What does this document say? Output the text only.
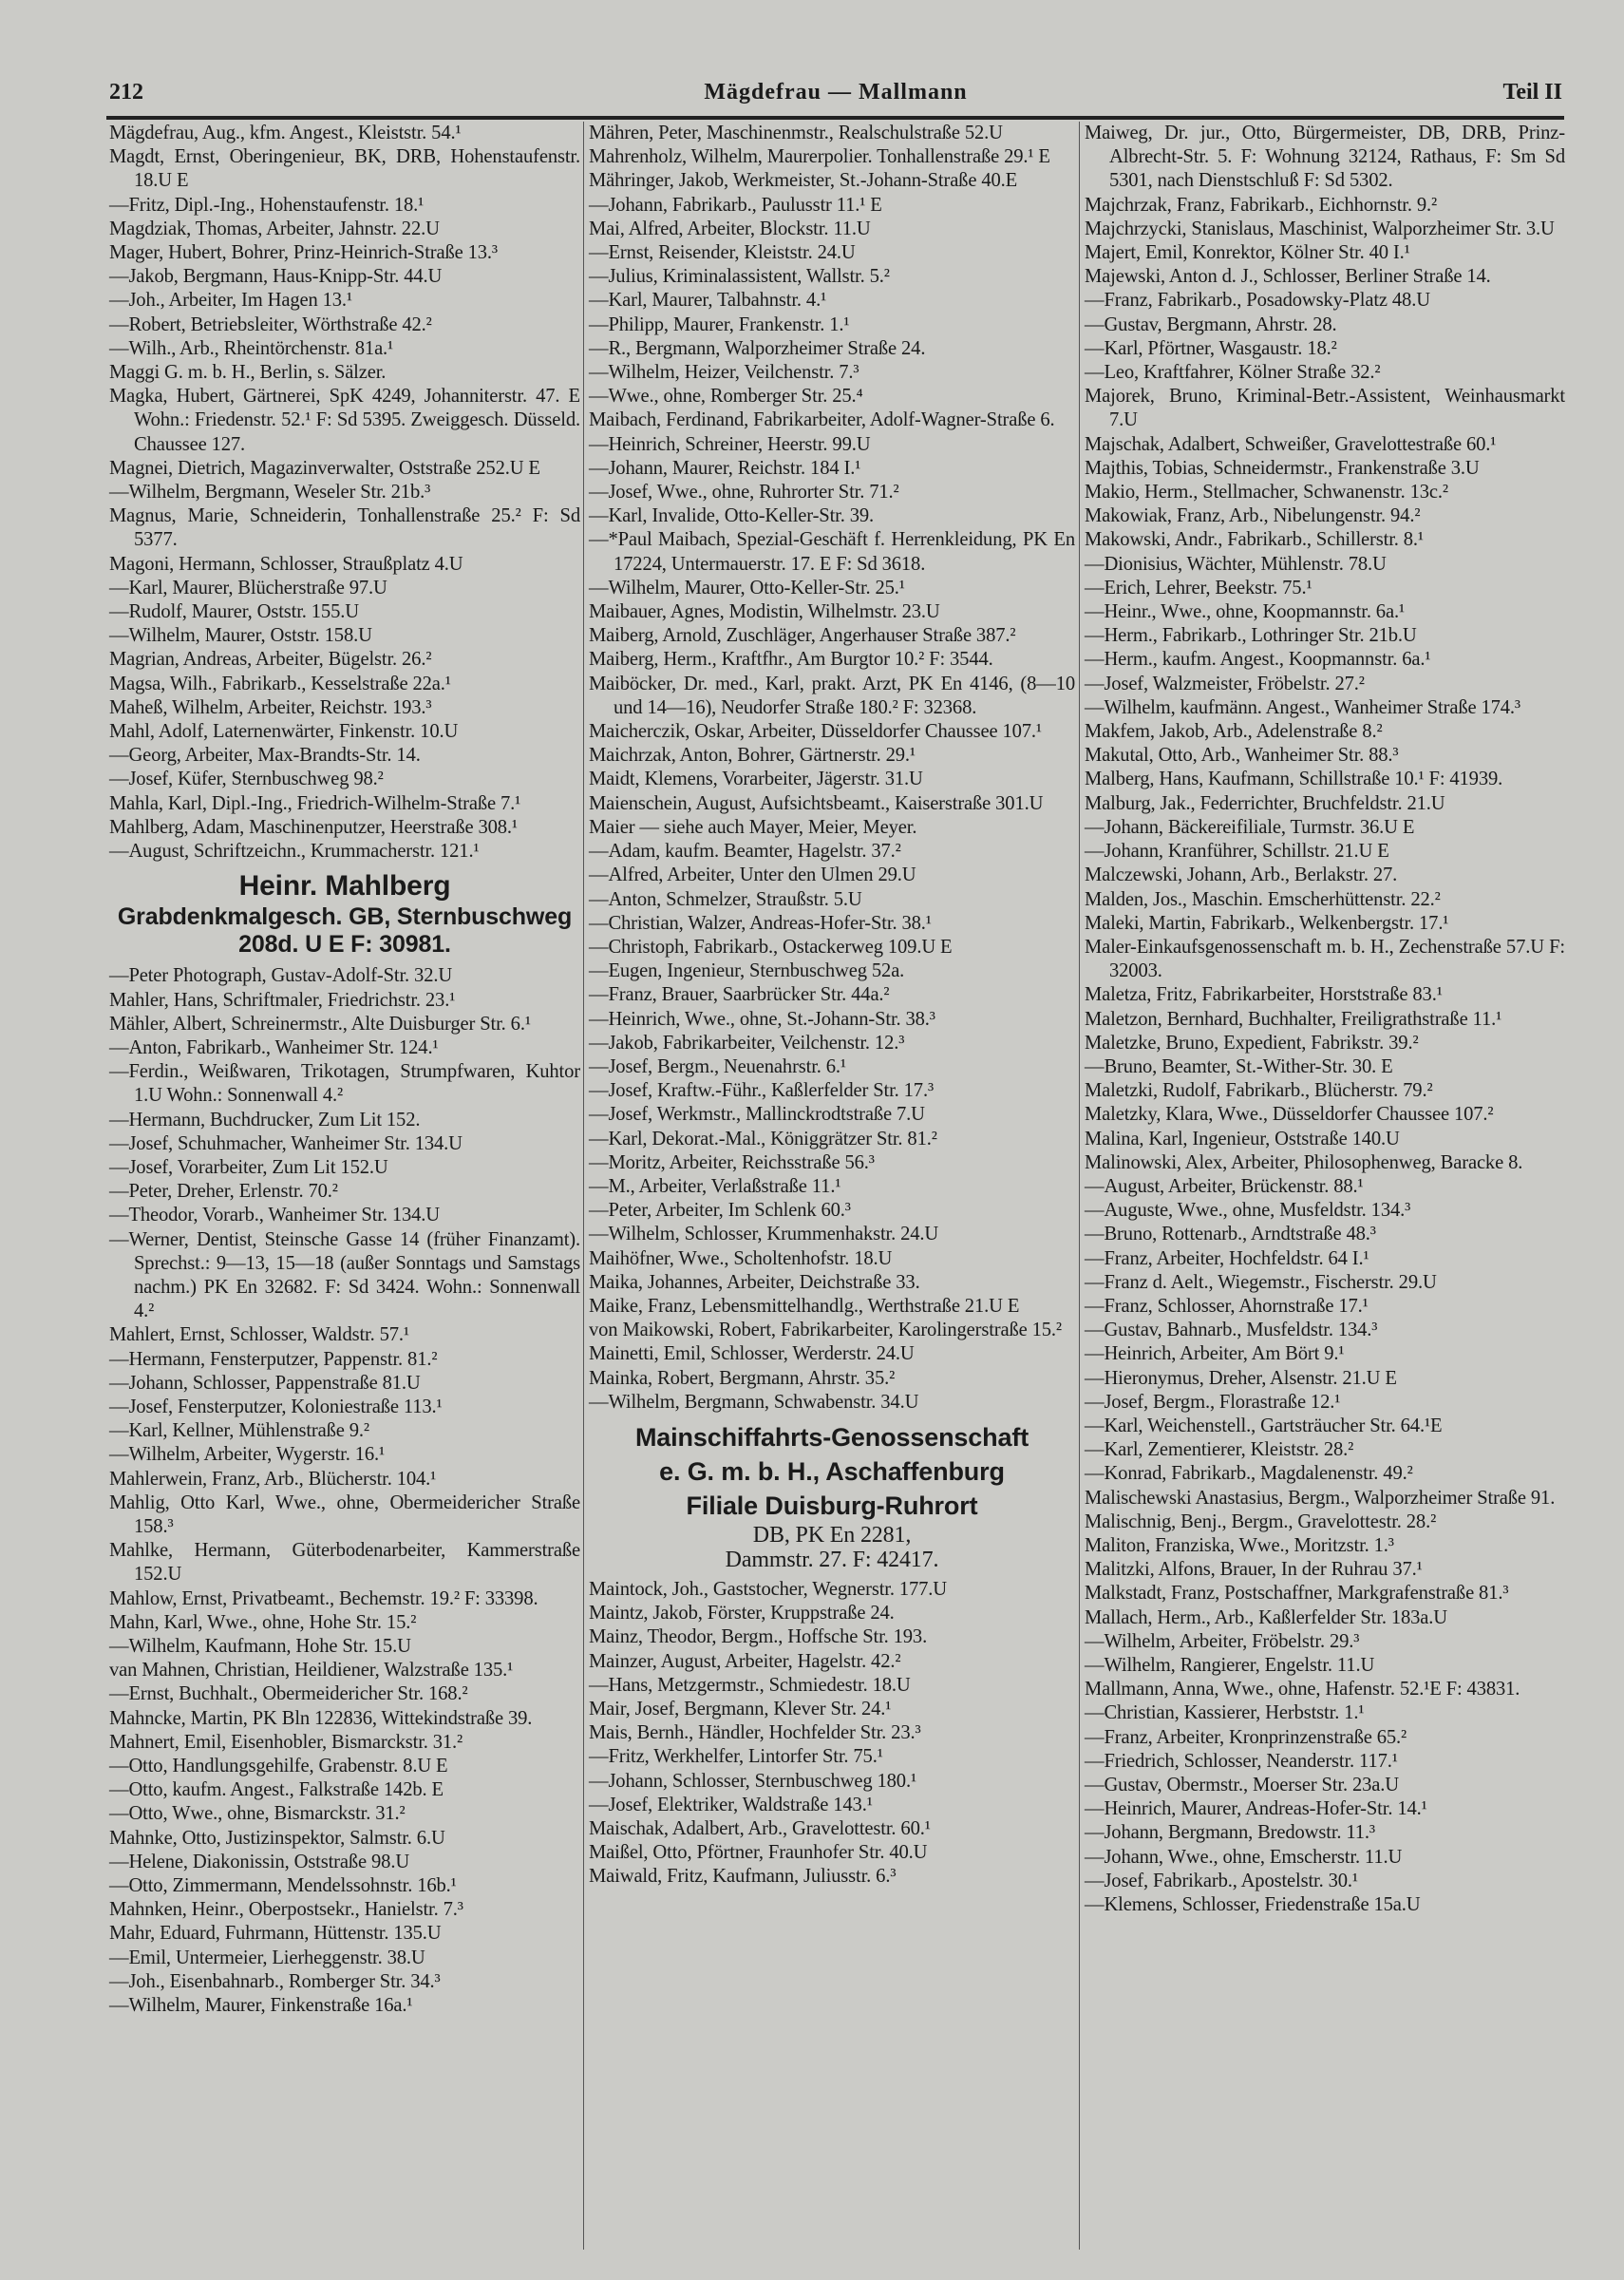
212	Mägdefrau — Mallmann	Teil II
Mägdefrau, Aug., kfm. Angest., Kleiststr. 54.¹
Magdt, Ernst, Oberingenieur, BK, DRB, Hohenstaufenstr. 18.U E
—Fritz, Dipl.-Ing., Hohenstaufenstr. 18.¹
Magdziak, Thomas, Arbeiter, Jahnstr. 22.U
Mager, Hubert, Bohrer, Prinz-Heinrich-Straße 13.³
—Jakob, Bergmann, Haus-Knipp-Str. 44.U
—Joh., Arbeiter, Im Hagen 13.¹
—Robert, Betriebsleiter, Wörthstraße 42.²
—Wilh., Arb., Rheintörchenstr. 81a.¹
Maggi G. m. b. H., Berlin, s. Sälzer.
Magka, Hubert, Gärtnerei, SpK 4249, Johanniterstr. 47. E Wohn.: Friedenstr. 52.¹ F: Sd 5395. Zweiggesch. Düsseld. Chaussee 127.
Magnei, Dietrich, Magazinverwalter, Oststraße 252.U E
—Wilhelm, Bergmann, Weseler Str. 21b.³
Magnus, Marie, Schneiderin, Tonhallenstraße 25.² F: Sd 5377.
Magoni, Hermann, Schlosser, Straußplatz 4.U
—Karl, Maurer, Blücherstraße 97.U
—Rudolf, Maurer, Oststr. 155.U
—Wilhelm, Maurer, Oststr. 158.U
Magrian, Andreas, Arbeiter, Bügelstr. 26.²
Magsa, Wilh., Fabrikarb., Kesselstraße 22a.¹
Maheß, Wilhelm, Arbeiter, Reichstr. 193.³
Mahl, Adolf, Laternenwärter, Finkenstr. 10.U
—Georg, Arbeiter, Max-Brandts-Str. 14.
—Josef, Küfer, Sternbuschweg 98.²
Mahla, Karl, Dipl.-Ing., Friedrich-Wilhelm-Straße 7.¹
Mahlberg, Adam, Maschinenputzer, Heerstraße 308.¹
—August, Schriftzeichn., Krummacherstr. 121.¹
Heinr. Mahlberg
Grabdenkmalgesch. GB, Sternbuschweg 208d. U E F: 30981.
—Peter Photograph, Gustav-Adolf-Str. 32.U
Mahler, Hans, Schriftmaler, Friedrichstr. 23.¹
Mähler, Albert, Schreinermstr., Alte Duisburger Str. 6.¹
—Anton, Fabrikarb., Wanheimer Str. 124.¹
—Ferdin., Weißwaren, Trikotagen, Strumpfwaren, Kuhtor 1.U Wohn.: Sonnenwall 4.²
—Hermann, Buchdrucker, Zum Lit 152.
—Josef, Schuhmacher, Wanheimer Str. 134.U
—Josef, Vorarbeiter, Zum Lit 152.U
—Peter, Dreher, Erlenstr. 70.²
—Theodor, Vorarb., Wanheimer Str. 134.U
—Werner, Dentist, Steinsche Gasse 14 (früher Finanzamt). Sprechst.: 9—13, 15—18 (außer Sonntags und Samstags nachm.) PK En 32682. F: Sd 3424. Wohn.: Sonnenwall 4.²
Mahlert, Ernst, Schlosser, Waldstr. 57.¹
—Hermann, Fensterputzer, Pappenstr. 81.²
—Johann, Schlosser, Pappenstraße 81.U
—Josef, Fensterputzer, Koloniestraße 113.¹
—Karl, Kellner, Mühlenstraße 9.²
—Wilhelm, Arbeiter, Wygerstr. 16.¹
Mahlerwein, Franz, Arb., Blücherstr. 104.¹
Mahlig, Otto Karl, Wwe., ohne, Obermeidericher Straße 158.³
Mahlke, Hermann, Güterbodenarbeiter, Kammerstraße 152.U
Mahlow, Ernst, Privatbeamt., Bechemstr. 19.² F: 33398.
Mahn, Karl, Wwe., ohne, Hohe Str. 15.²
—Wilhelm, Kaufmann, Hohe Str. 15.U
van Mahnen, Christian, Heildiener, Walzstraße 135.¹
—Ernst, Buchhalt., Obermeidericher Str. 168.²
Mahncke, Martin, PK Bln 122836, Wittekindstraße 39.
Mahnert, Emil, Eisenhobler, Bismarckstr. 31.²
—Otto, Handlungsgehilfe, Grabenstr. 8.U E
—Otto, kaufm. Angest., Falkstraße 142b. E
—Otto, Wwe., ohne, Bismarckstr. 31.²
Mahnke, Otto, Justizinspektor, Salmstr. 6.U
—Helene, Diakonissin, Oststraße 98.U
—Otto, Zimmermann, Mendelssohnstr. 16b.¹
Mahnken, Heinr., Oberpostsekr., Hanielstr. 7.³
Mahr, Eduard, Fuhrmann, Hüttenstr. 135.U
—Emil, Untermeier, Lierheggenstr. 38.U
—Joh., Eisenbahnarb., Romberger Str. 34.³
—Wilhelm, Maurer, Finkenstraße 16a.¹
Mähren, Peter, Maschinenmstr., Realschulstraße 52.U
Mahrenholz, Wilhelm, Maurerpolier. Tonhallenstraße 29.¹ E
Mähringer, Jakob, Werkmeister, St.-Johann-Straße 40.E
—Johann, Fabrikarb., Paulusstr 11.¹ E
Mai, Alfred, Arbeiter, Blockstr. 11.U
—Ernst, Reisender, Kleiststr. 24.U
—Julius, Kriminalassistent, Wallstr. 5.²
—Karl, Maurer, Talbahnstr. 4.¹
—Philipp, Maurer, Frankenstr. 1.¹
—R., Bergmann, Walporzheimer Straße 24.
—Wilhelm, Heizer, Veilchenstr. 7.³
—Wwe., ohne, Romberger Str. 25.⁴
Maibach, Ferdinand, Fabrikarbeiter, Adolf-Wagner-Straße 6.
—Heinrich, Schreiner, Heerstr. 99.U
—Johann, Maurer, Reichstr. 184 I.¹
—Josef, Wwe., ohne, Ruhrorter Str. 71.²
—Karl, Invalide, Otto-Keller-Str. 39.
—*Paul Maibach, Spezial-Geschäft f. Herrenkleidung, PK En 17224, Untermauerstr. 17. E F: Sd 3618.
—Wilhelm, Maurer, Otto-Keller-Str. 25.¹
Maibauer, Agnes, Modistin, Wilhelmstr. 23.U
Maiberg, Arnold, Zuschläger, Angerhauser Straße 387.²
Maiberg, Herm., Kraftfhr., Am Burgtor 10.² F: 3544.
Maiböcker, Dr. med., Karl, prakt. Arzt, PK En 4146, (8—10 und 14—16), Neudorfer Straße 180.² F: 32368.
Maicherczik, Oskar, Arbeiter, Düsseldorfer Chaussee 107.¹
Maichrzak, Anton, Bohrer, Gärtnerstr. 29.¹
Maidt, Klemens, Vorarbeiter, Jägerstr. 31.U
Maienschein, August, Aufsichtsbeamt., Kaiserstraße 301.U
Maier — siehe auch Mayer, Meier, Meyer.
—Adam, kaufm. Beamter, Hagelstr. 37.²
—Alfred, Arbeiter, Unter den Ulmen 29.U
—Anton, Schmelzer, Straußstr. 5.U
—Christian, Walzer, Andreas-Hofer-Str. 38.¹
—Christoph, Fabrikarb., Ostackerweg 109.U E
—Eugen, Ingenieur, Sternbuschweg 52a.
—Franz, Brauer, Saarbrücker Str. 44a.²
—Heinrich, Wwe., ohne, St.-Johann-Str. 38.³
—Jakob, Fabrikarbeiter, Veilchenstr. 12.³
—Josef, Bergm., Neuenahrstr. 6.¹
—Josef, Kraftw.-Führ., Kaßlerfelder Str. 17.³
—Josef, Werkmstr., Mallinckrodtstraße 7.U
—Karl, Dekorat.-Mal., Königgrätzer Str. 81.²
—Moritz, Arbeiter, Reichsstraße 56.³
—M., Arbeiter, Verlaßstraße 11.¹
—Peter, Arbeiter, Im Schlenk 60.³
—Wilhelm, Schlosser, Krummenhakstr. 24.U
Maihöfner, Wwe., Scholtenhofstr. 18.U
Maika, Johannes, Arbeiter, Deichstraße 33.
Maike, Franz, Lebensmittelhandlg., Werthstraße 21.U E
von Maikowski, Robert, Fabrikarbeiter, Karolingerstraße 15.²
Mainetti, Emil, Schlosser, Werderstr. 24.U
Mainka, Robert, Bergmann, Ahrstr. 35.²
—Wilhelm, Bergmann, Schwabenstr. 34.U
Mainschiffahrts-Genossenschaft
e. G. m. b. H., Aschaffenburg
Filiale Duisburg-Ruhrort
DB, PK En 2281,
Dammstr. 27. F: 42417.
Maintock, Joh., Gaststocher, Wegnerstr. 177.U
Maintz, Jakob, Förster, Kruppstraße 24.
Mainz, Theodor, Bergm., Hoffsche Str. 193.
Mainzer, August, Arbeiter, Hagelstr. 42.²
—Hans, Metzgermstr., Schmiedestr. 18.U
Mair, Josef, Bergmann, Klever Str. 24.¹
Mais, Bernh., Händler, Hochfelder Str. 23.³
—Fritz, Werkhelfer, Lintorfer Str. 75.¹
—Johann, Schlosser, Sternbuschweg 180.¹
—Josef, Elektriker, Waldstraße 143.¹
Maischak, Adalbert, Arb., Gravelottestr. 60.¹
Maißel, Otto, Pförtner, Fraunhofer Str. 40.U
Maiwald, Fritz, Kaufmann, Juliusstr. 6.³
Maiweg, Dr. jur., Otto, Bürgermeister, DB, DRB, Prinz-Albrecht-Str. 5. F: Wohnung 32124, Rathaus, F: Sm Sd 5301, nach Dienstschluß F: Sd 5302.
Majchrzak, Franz, Fabrikarb., Eichhornstr. 9.²
Majchrzycki, Stanislaus, Maschinist, Walporzheimer Str. 3.U
Majert, Emil, Konrektor, Kölner Str. 40 I.¹
Majewski, Anton d. J., Schlosser, Berliner Straße 14.
—Franz, Fabrikarb., Posadowsky-Platz 48.U
—Gustav, Bergmann, Ahrstr. 28.
—Karl, Pförtner, Wasgaustr. 18.²
—Leo, Kraftfahrer, Kölner Straße 32.²
Majorek, Bruno, Kriminal-Betr.-Assistent, Weinhausmarkt 7.U
Majschak, Adalbert, Schweißer, Gravelottestraße 60.¹
Majthis, Tobias, Schneidermstr., Frankenstraße 3.U
Makio, Herm., Stellmacher, Schwanenstr. 13c.²
Makowiak, Franz, Arb., Nibelungenstr. 94.²
Makowski, Andr., Fabrikarb., Schillerstr. 8.¹
—Dionisius, Wächter, Mühlenstr. 78.U
—Erich, Lehrer, Beekstr. 75.¹
—Heinr., Wwe., ohne, Koopmannstr. 6a.¹
—Herm., Fabrikarb., Lothringer Str. 21b.U
—Herm., kaufm. Angest., Koopmannstr. 6a.¹
—Josef, Walzmeister, Fröbelstr. 27.²
—Wilhelm, kaufmänn. Angest., Wanheimer Straße 174.³
Makfem, Jakob, Arb., Adelenstraße 8.²
Makutal, Otto, Arb., Wanheimer Str. 88.³
Malberg, Hans, Kaufmann, Schillstraße 10.¹ F: 41939.
Malburg, Jak., Federrichter, Bruchfeldstr. 21.U
—Johann, Bäckereifiliale, Turmstr. 36.U E
—Johann, Kranführer, Schillstr. 21.U E
Malczewski, Johann, Arb., Berlakstr. 27.
Malden, Jos., Maschin. Emscherhüttenstr. 22.²
Maleki, Martin, Fabrikarb., Welkenbergstr. 17.¹
Maler-Einkaufsgenossenschaft m. b. H., Zechenstraße 57.U F: 32003.
Maletza, Fritz, Fabrikarbeiter, Horststraße 83.¹
Maletzon, Bernhard, Buchhalter, Freiligrathstraße 11.¹
Maletzke, Bruno, Expedient, Fabrikstr. 39.²
—Bruno, Beamter, St.-Wither-Str. 30. E
Maletzki, Rudolf, Fabrikarb., Blücherstr. 79.²
Maletzky, Klara, Wwe., Düsseldorfer Chaussee 107.²
Malina, Karl, Ingenieur, Oststraße 140.U
Malinowski, Alex, Arbeiter, Philosophenweg, Baracke 8.
—August, Arbeiter, Brückenstr. 88.¹
—Auguste, Wwe., ohne, Musfeldstr. 134.³
—Bruno, Rottenarb., Arndtstraße 48.³
—Franz, Arbeiter, Hochfeldstr. 64 I.¹
—Franz d. Aelt., Wiegemstr., Fischerstr. 29.U
—Franz, Schlosser, Ahornstraße 17.¹
—Gustav, Bahnarb., Musfeldstr. 134.³
—Heinrich, Arbeiter, Am Bört 9.¹
—Hieronymus, Dreher, Alsenstr. 21.U E
—Josef, Bergm., Florastraße 12.¹
—Karl, Weichenstell., Gartsträucher Str. 64.¹E
—Karl, Zementierer, Kleiststr. 28.²
—Konrad, Fabrikarb., Magdalenenstr. 49.²
Malischewski Anastasius, Bergm., Walporzheimer Straße 91.
Malischnig, Benj., Bergm., Gravelottestr. 28.²
Maliton, Franziska, Wwe., Moritzstr. 1.³
Malitzki, Alfons, Brauer, In der Ruhrau 37.¹
Malkstadt, Franz, Postschaffner, Markgrafenstraße 81.³
Mallach, Herm., Arb., Kaßlerfelder Str. 183a.U
—Wilhelm, Arbeiter, Fröbelstr. 29.³
—Wilhelm, Rangierer, Engelstr. 11.U
Mallmann, Anna, Wwe., ohne, Hafenstr. 52.¹E F: 43831.
—Christian, Kassierer, Herbststr. 1.¹
—Franz, Arbeiter, Kronprinzenstraße 65.²
—Friedrich, Schlosser, Neanderstr. 117.¹
—Gustav, Obermstr., Moerser Str. 23a.U
—Heinrich, Maurer, Andreas-Hofer-Str. 14.¹
—Johann, Bergmann, Bredowstr. 11.³
—Johann, Wwe., ohne, Emscherstr. 11.U
—Josef, Fabrikarb., Apostelstr. 30.¹
—Klemens, Schlosser, Friedenstraße 15a.U
